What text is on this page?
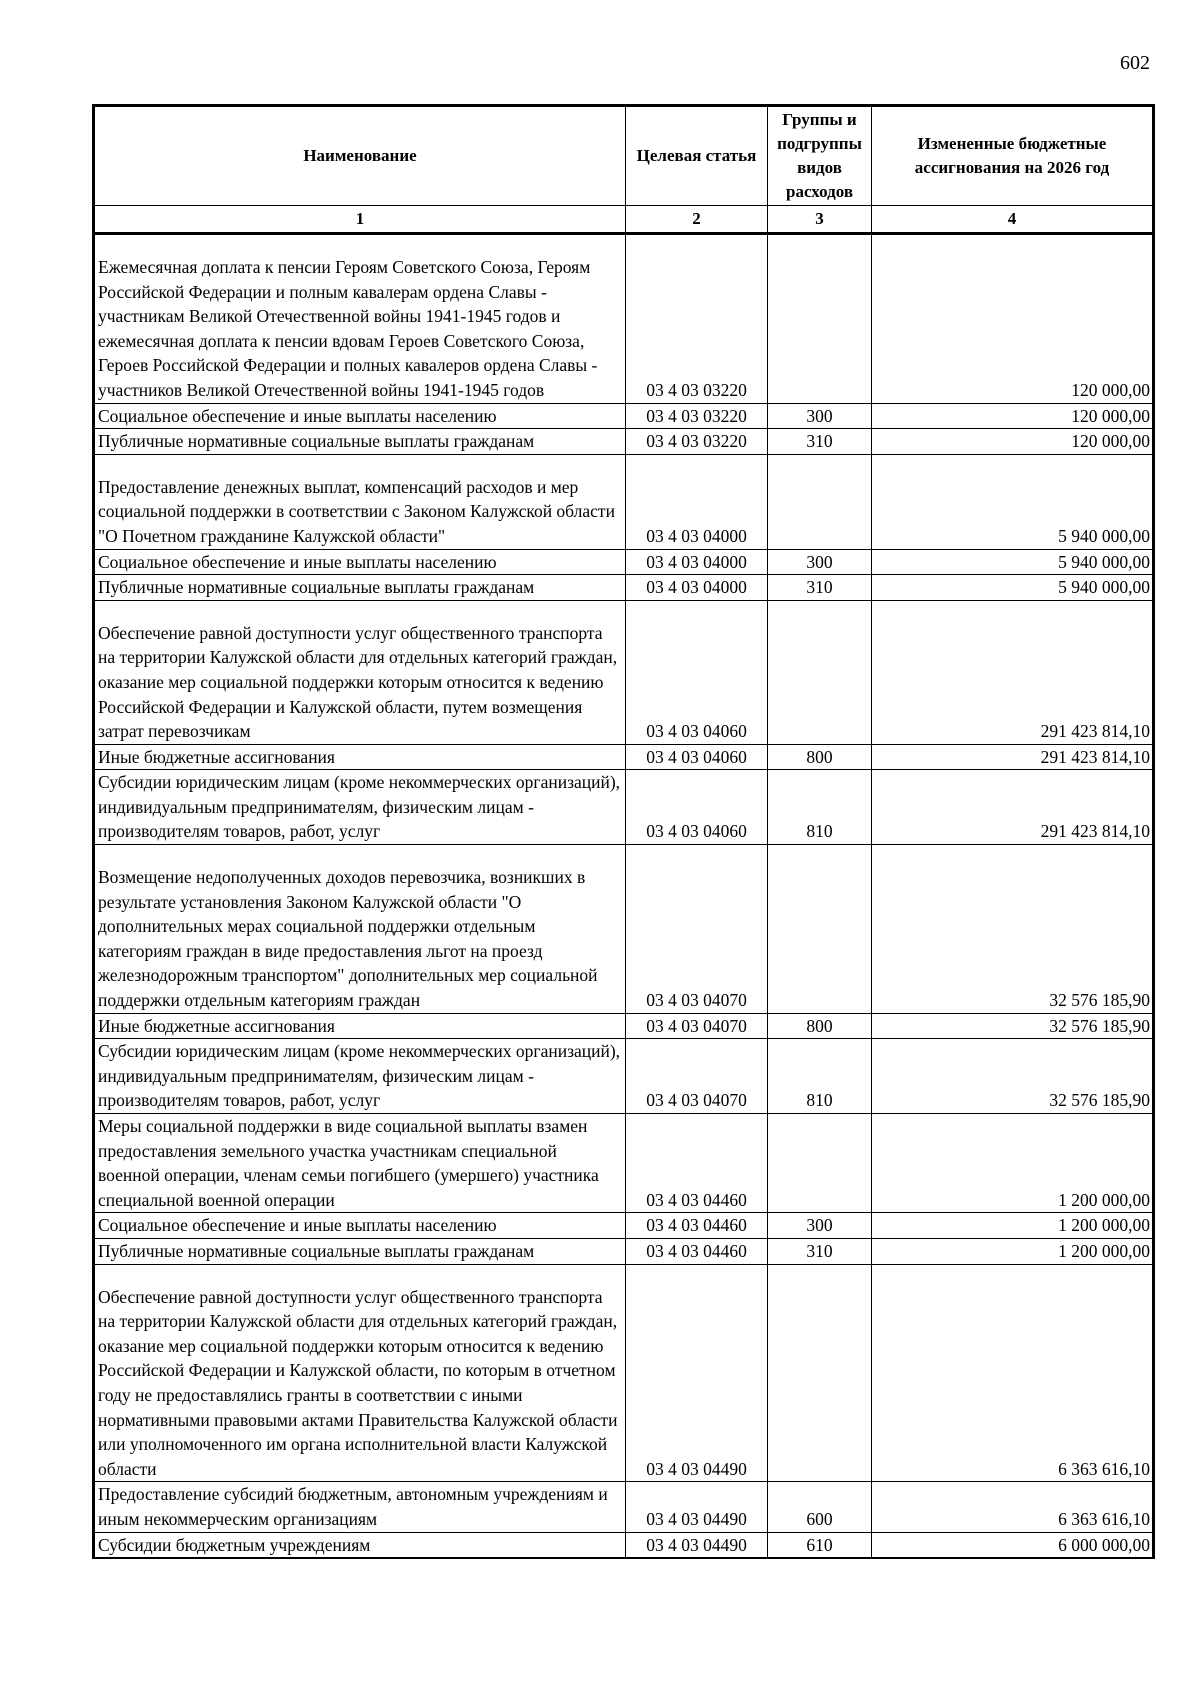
602
Наименование	Целевая статья	Группы и подгруппы видов расходов	Измененные бюджетные ассигнования на 2026 год
1	2	3	4
Ежемесячная доплата к пенсии Героям Советского Союза, Героям Российской Федерации и полным кавалерам ордена Славы - участникам Великой Отечественной войны 1941-1945 годов и ежемесячная доплата к пенсии вдовам Героев Советского Союза, Героев Российской Федерации и полных кавалеров ордена Славы - участников Великой Отечественной войны 1941-1945 годов	03 4 03 03220		120 000,00
Социальное обеспечение и иные выплаты населению	03 4 03 03220	300	120 000,00
Публичные нормативные социальные выплаты гражданам	03 4 03 03220	310	120 000,00
Предоставление денежных выплат, компенсаций расходов и мер социальной поддержки в соответствии с Законом Калужской области "О Почетном гражданине Калужской области"	03 4 03 04000		5 940 000,00
Социальное обеспечение и иные выплаты населению	03 4 03 04000	300	5 940 000,00
Публичные нормативные социальные выплаты гражданам	03 4 03 04000	310	5 940 000,00
Обеспечение равной доступности услуг общественного транспорта на территории Калужской области для отдельных категорий граждан, оказание мер социальной поддержки которым относится к ведению Российской Федерации и Калужской области, путем возмещения затрат перевозчикам	03 4 03 04060		291 423 814,10
Иные бюджетные ассигнования	03 4 03 04060	800	291 423 814,10
Субсидии юридическим лицам (кроме некоммерческих организаций), индивидуальным предпринимателям, физическим лицам - производителям товаров, работ, услуг	03 4 03 04060	810	291 423 814,10
Возмещение недополученных доходов перевозчика, возникших в результате установления Законом Калужской области "О дополнительных мерах социальной поддержки отдельным категориям граждан в виде предоставления льгот на проезд железнодорожным транспортом" дополнительных мер социальной поддержки отдельным категориям граждан	03 4 03 04070		32 576 185,90
Иные бюджетные ассигнования	03 4 03 04070	800	32 576 185,90
Субсидии юридическим лицам (кроме некоммерческих организаций), индивидуальным предпринимателям, физическим лицам - производителям товаров, работ, услуг	03 4 03 04070	810	32 576 185,90
Меры социальной поддержки в виде социальной выплаты взамен предоставления земельного участка участникам специальной военной операции, членам семьи погибшего (умершего) участника специальной военной операции	03 4 03 04460		1 200 000,00
Социальное обеспечение и иные выплаты населению	03 4 03 04460	300	1 200 000,00
Публичные нормативные социальные выплаты гражданам	03 4 03 04460	310	1 200 000,00
Обеспечение равной доступности услуг общественного транспорта на территории Калужской области для отдельных категорий граждан, оказание мер социальной поддержки которым относится к ведению Российской Федерации и Калужской области, по которым в отчетном году не предоставлялись гранты в соответствии с иными нормативными правовыми актами Правительства Калужской области или уполномоченного им органа исполнительной власти Калужской области	03 4 03 04490		6 363 616,10
Предоставление субсидий бюджетным, автономным учреждениям и иным некоммерческим организациям	03 4 03 04490	600	6 363 616,10
Субсидии бюджетным учреждениям	03 4 03 04490	610	6 000 000,00
